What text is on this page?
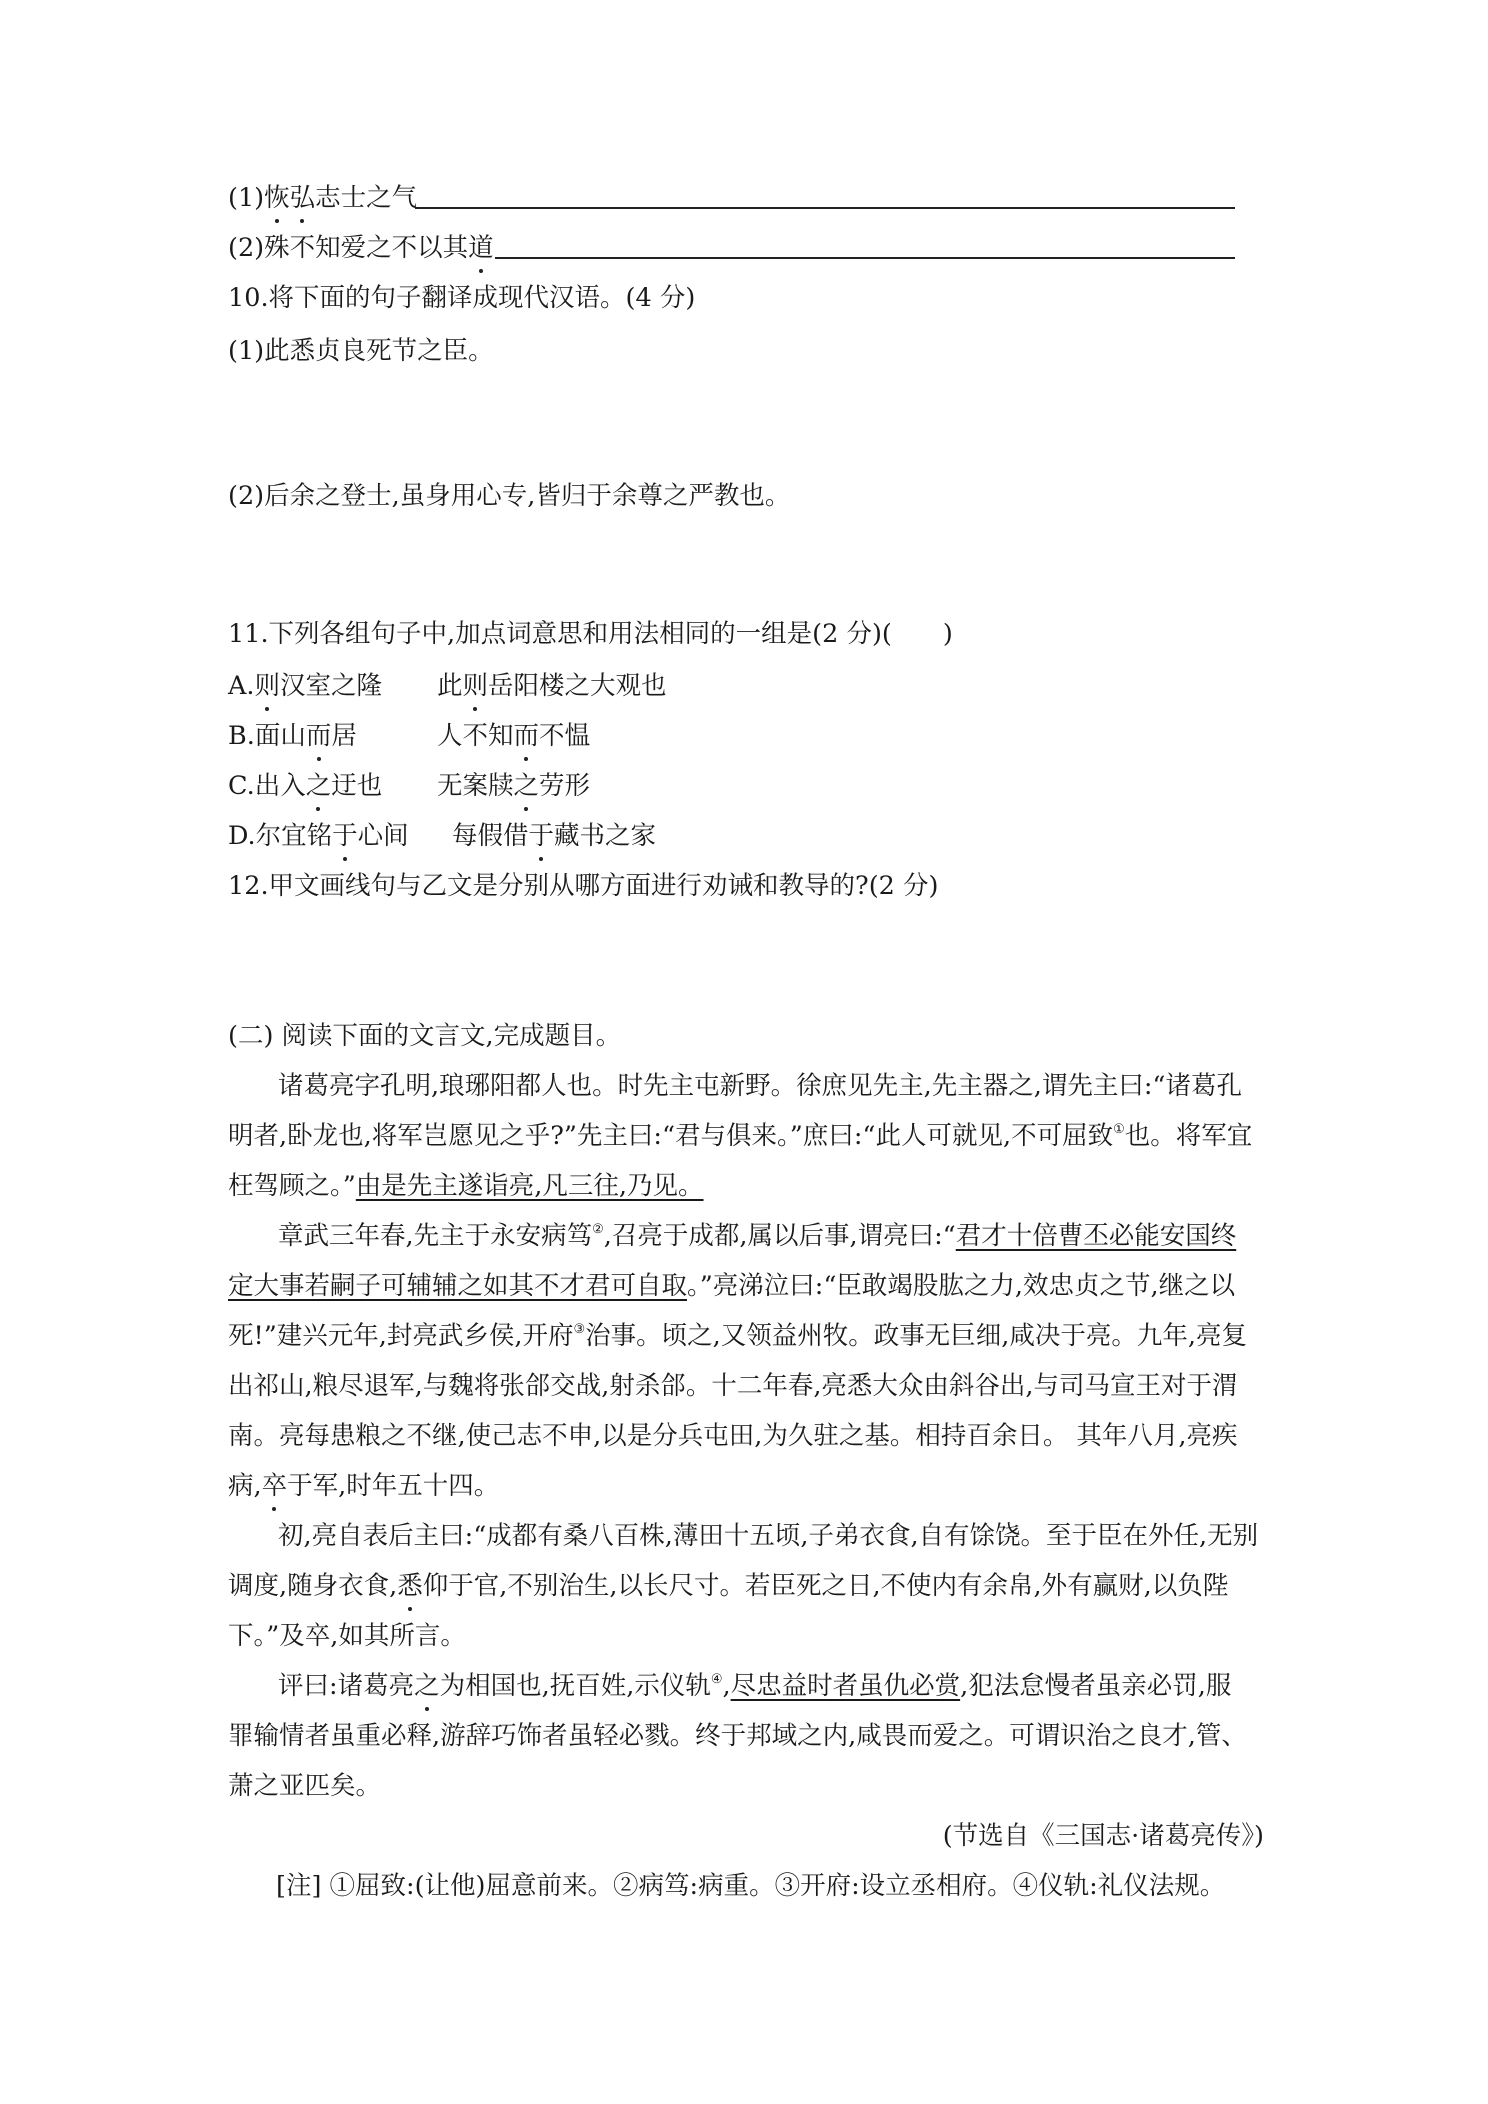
(1)恢弘志士之气
(2)殊不知爱之不以其道
10.将下面的句子翻译成现代汉语。(4 分)
(1)此悉贞良死节之臣。
(2)后余之登士,虽身用心专,皆归于余尊之严教也。
11.下列各组句子中,加点词意思和用法相同的一组是(2 分)(　　)
A.则汉室之隆 此则岳阳楼之大观也
B.面山而居	人不知而不愠
C.出入之迂也 无案牍之劳形
D.尔宜铭于心间 每假借于藏书之家
12.甲文画线句与乙文是分别从哪方面进行劝诫和教导的?(2 分)
(二) 阅读下面的文言文,完成题目。
诸葛亮字孔明,琅琊阳都人也。时先主屯新野。徐庶见先主,先主器之,谓先主曰:“诸葛孔
明者,卧龙也,将军岂愿见之乎?”先主曰:“君与俱来。”庶曰:“此人可就见,不可屈致①也。将军宜
枉驾顾之。”由是先主遂诣亮,凡三往,乃见。
章武三年春,先主于永安病笃②,召亮于成都,属以后事,谓亮曰:“君才十倍曹丕必能安国终
定大事若嗣子可辅辅之如其不才君可自取。”亮涕泣曰:“臣敢竭股肱之力,效忠贞之节,继之以
死!”建兴元年,封亮武乡侯,开府③治事。顷之,又领益州牧。政事无巨细,咸决于亮。九年,亮复
出祁山,粮尽退军,与魏将张郃交战,射杀郃。十二年春,亮悉大众由斜谷出,与司马宣王对于渭
南。亮每患粮之不继,使己志不申,以是分兵屯田,为久驻之基。相持百余日。 其年八月,亮疾
病,卒于军,时年五十四。
初,亮自表后主曰:“成都有桑八百株,薄田十五顷,子弟衣食,自有馀饶。至于臣在外任,无别
调度,随身衣食,悉仰于官,不别治生,以长尺寸。若臣死之日,不使内有余帛,外有赢财,以负陛
下。”及卒,如其所言。
评曰:诸葛亮之为相国也,抚百姓,示仪轨④,尽忠益时者虽仇必赏,犯法怠慢者虽亲必罚,服
罪输情者虽重必释,游辞巧饰者虽轻必戮。终于邦域之内,咸畏而爱之。可谓识治之良才,管、
萧之亚匹矣。
(节选自《三国志·诸葛亮传》)
[注] ①屈致:(让他)屈意前来。②病笃:病重。③开府:设立丞相府。④仪轨:礼仪法规。
